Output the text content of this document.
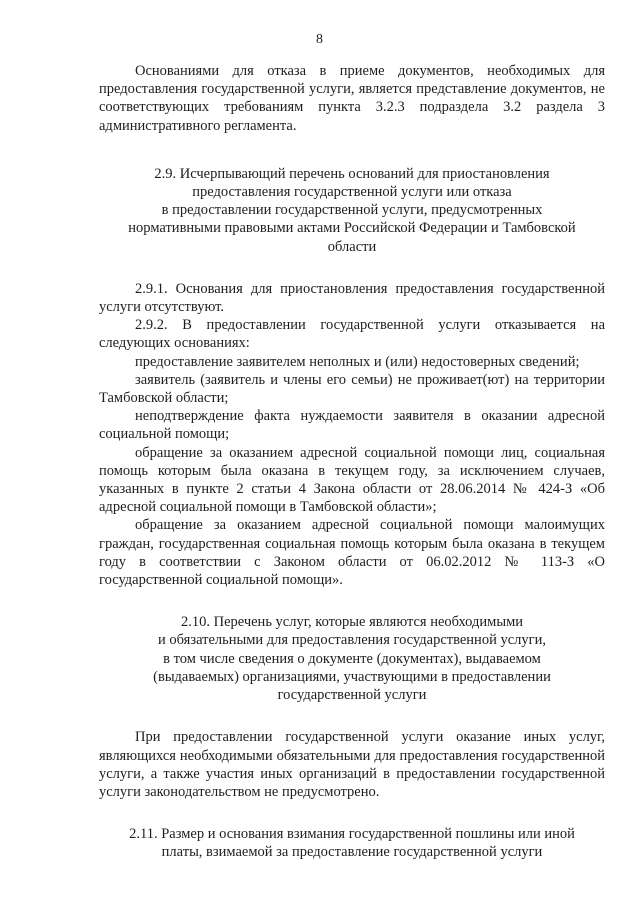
8

Основаниями для отказа в приеме документов, необходимых для предоставления государственной услуги, является представление документов, не соответствующих требованиям пункта 3.2.3 подраздела 3.2 раздела 3 административного регламента.

2.9. Исчерпывающий перечень оснований для приостановления
предоставления государственной услуги или отказа
в предоставлении государственной услуги, предусмотренных
нормативными правовыми актами Российской Федерации и Тамбовской
области

2.9.1. Основания для приостановления предоставления государственной услуги отсутствуют.

2.9.2. В предоставлении государственной услуги отказывается на следующих основаниях:

предоставление заявителем неполных и (или) недостоверных сведений;

заявитель (заявитель и члены его семьи) не проживает(ют) на территории Тамбовской области;

неподтверждение факта нуждаемости заявителя в оказании адресной социальной помощи;

обращение за оказанием адресной социальной помощи лиц, социальная помощь которым была оказана в текущем году, за исключением случаев, указанных в пункте 2 статьи 4 Закона области от 28.06.2014 № 424-З «Об адресной социальной помощи в Тамбовской области»;

обращение за оказанием адресной социальной помощи малоимущих граждан, государственная социальная помощь которым была оказана в текущем году в соответствии с Законом области от 06.02.2012 № 113-З «О государственной социальной помощи».

2.10. Перечень услуг, которые являются необходимыми
и обязательными для предоставления государственной услуги,
в том числе сведения о документе (документах), выдаваемом
(выдаваемых) организациями, участвующими в предоставлении
государственной услуги

При предоставлении государственной услуги оказание иных услуг, являющихся необходимыми обязательными для предоставления государственной услуги, а также участия иных организаций в предоставлении государственной услуги законодательством не предусмотрено.

2.11. Размер и основания взимания государственной пошлины или иной
платы, взимаемой за предоставление государственной услуги
